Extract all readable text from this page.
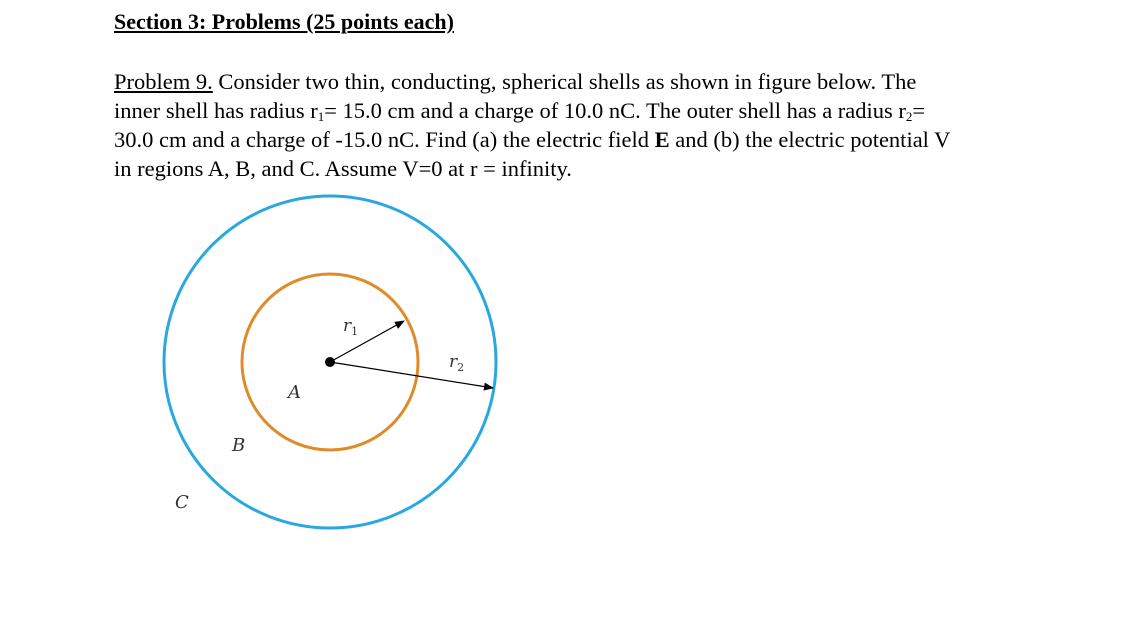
Section 3: Problems (25 points each)
Problem 9. Consider two thin, conducting, spherical shells as shown in figure below. The
inner shell has radius $r_1= 15.0$ cm and a charge of 10.0 nC. The outer shell has a radius $r_2=$
30.0 cm and a charge of -15.0 nC. Find (a) the electric field E and (b) the electric potential V
in regions A, B, and C. Assume V=0 at r = infinity.
$r_1$
$r_2$
A
B
C
